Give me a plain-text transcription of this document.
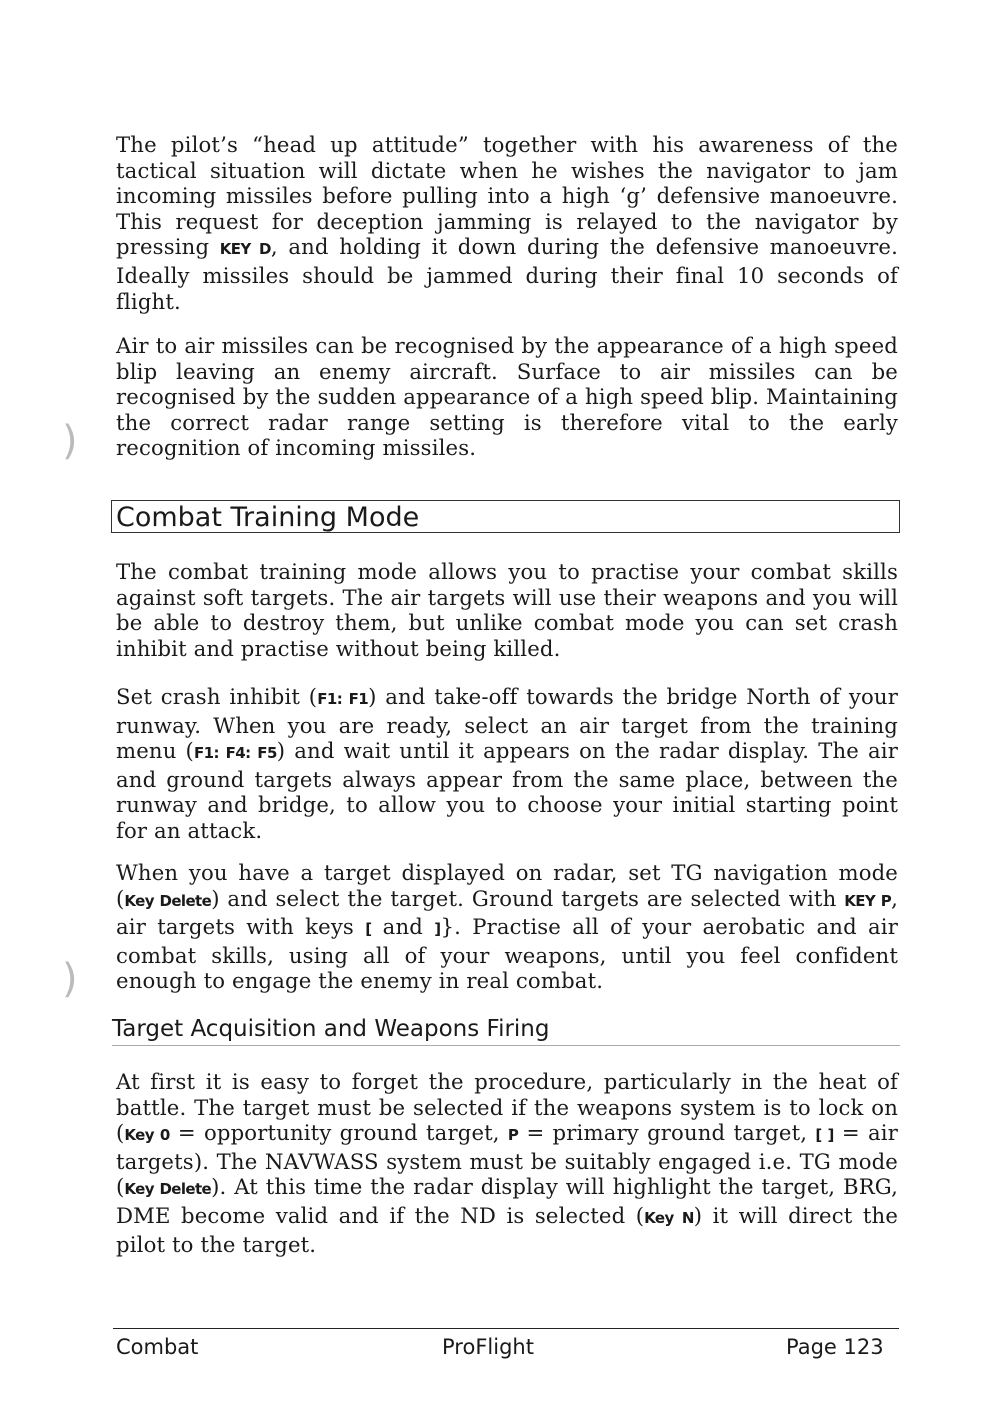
)
)

The pilot’s “head up attitude” together with his awareness of the tactical situation will dictate when he wishes the navigator to jam incoming missiles before pulling into a high ‘g’ defensive manoeuvre. This request for deception jamming is relayed to the navigator by pressing KEY D, and holding it down during the defensive manoeuvre. Ideally missiles should be jammed during their final 10 seconds of flight.

Air to air missiles can be recognised by the appearance of a high speed blip leaving an enemy aircraft. Surface to air missiles can be recognised by the sudden appearance of a high speed blip. Maintaining the correct radar range setting is therefore vital to the early recognition of incoming missiles.

Combat Training Mode

The combat training mode allows you to practise your combat skills against soft targets. The air targets will use their weapons and you will be able to destroy them, but unlike combat mode you can set crash inhibit and practise without being killed.

Set crash inhibit (F1: F1) and take-off towards the bridge North of your runway. When you are ready, select an air target from the training menu (F1: F4: F5) and wait until it appears on the radar display. The air and ground targets always appear from the same place, between the runway and bridge, to allow you to choose your initial starting point for an attack.

When you have a target displayed on radar, set TG navigation mode (Key Delete) and select the target. Ground targets are selected with KEY P, air targets with keys [ and ]}. Practise all of your aerobatic and air combat skills, using all of your weapons, until you feel confident enough to engage the enemy in real combat.

Target Acquisition and Weapons Firing

At first it is easy to forget the procedure, particularly in the heat of battle. The target must be selected if the weapons system is to lock on (Key 0 = opportunity ground target, P = primary ground target, [ ] = air targets). The NAVWASS system must be suitably engaged i.e. TG mode (Key Delete). At this time the radar display will highlight the target, BRG, DME become valid and if the ND is selected (Key N) it will direct the pilot to the target.

Combat	ProFlight	Page 123
